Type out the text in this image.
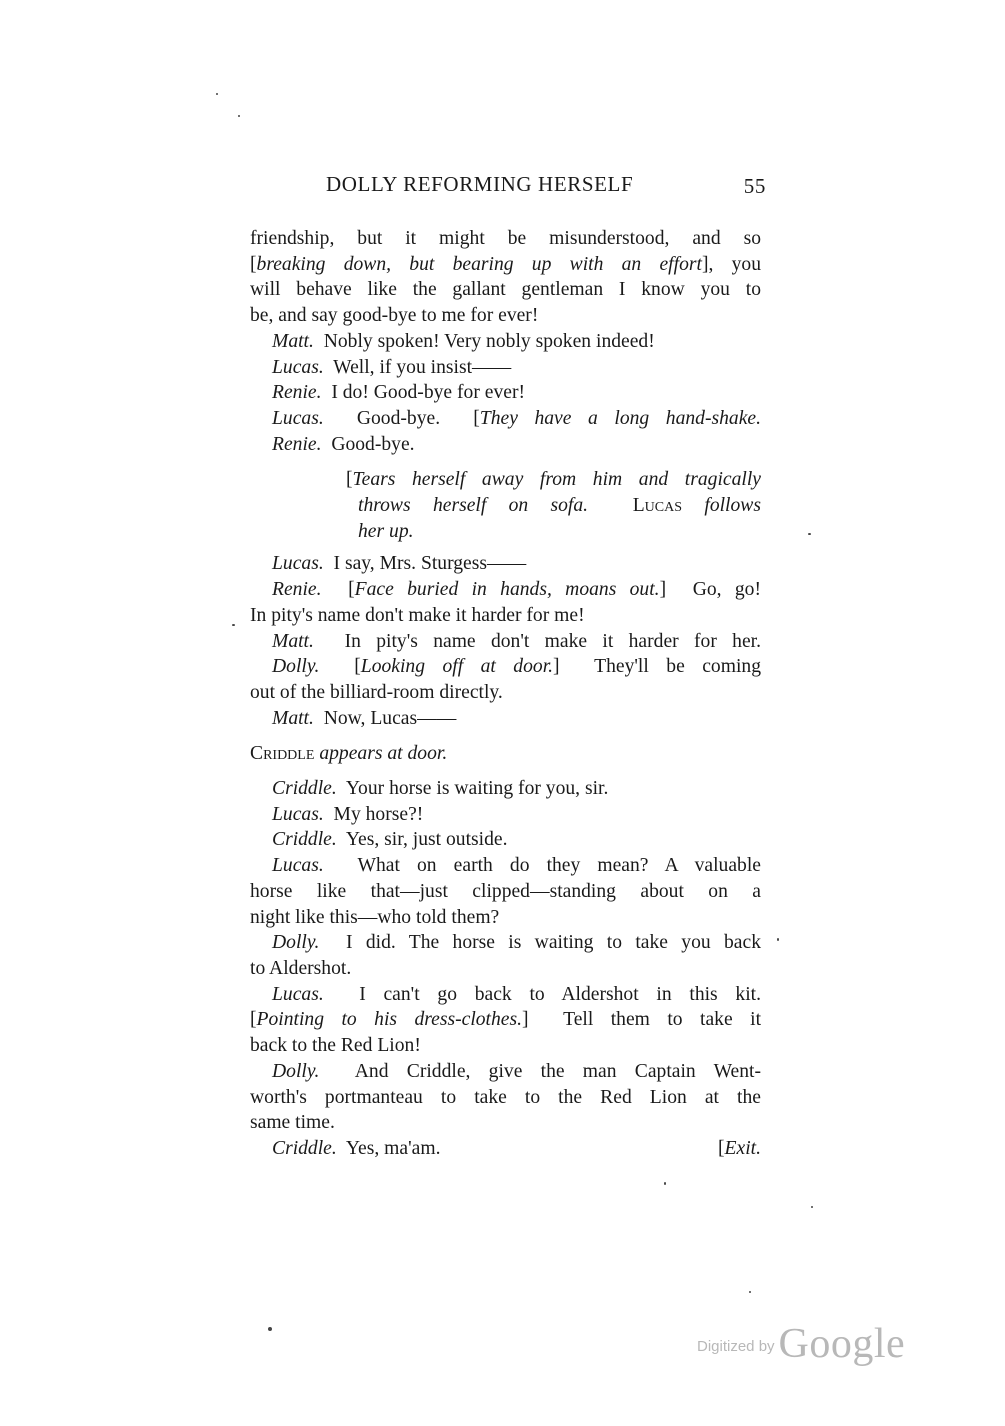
DOLLY REFORMING HERSELF	55

friendship, but it might be misunderstood, and so

[breaking down, but bearing up with an effort], you

will behave like the gallant gentleman I know you to

be, and say good-bye to me for ever!

Matt. Nobly spoken! Very nobly spoken indeed!

Lucas. Well, if you insist——

Renie. I do! Good-bye for ever!

Lucas. Good-bye. [They have a long hand-shake.

Renie. Good-bye.

[Tears herself away from him and tragically

throws herself on sofa. Lucas follows

her up.

Lucas. I say, Mrs. Sturgess——

Renie. [Face buried in hands, moans out.] Go, go!

In pity's name don't make it harder for me!

Matt. In pity's name don't make it harder for her.

Dolly. [Looking off at door.] They'll be coming

out of the billiard-room directly.

Matt. Now, Lucas——

Criddle appears at door.

Criddle. Your horse is waiting for you, sir.

Lucas. My horse?!

Criddle. Yes, sir, just outside.

Lucas. What on earth do they mean? A valuable

horse like that—just clipped—standing about on a

night like this—who told them?

Dolly. I did. The horse is waiting to take you back

to Aldershot.

Lucas. I can't go back to Aldershot in this kit.

[Pointing to his dress-clothes.] Tell them to take it

back to the Red Lion!

Dolly. And Criddle, give the man Captain Went-

worth's portmanteau to take to the Red Lion at the

same time.

Criddle. Yes, ma'am.	[Exit.

Digitized byGoogle
